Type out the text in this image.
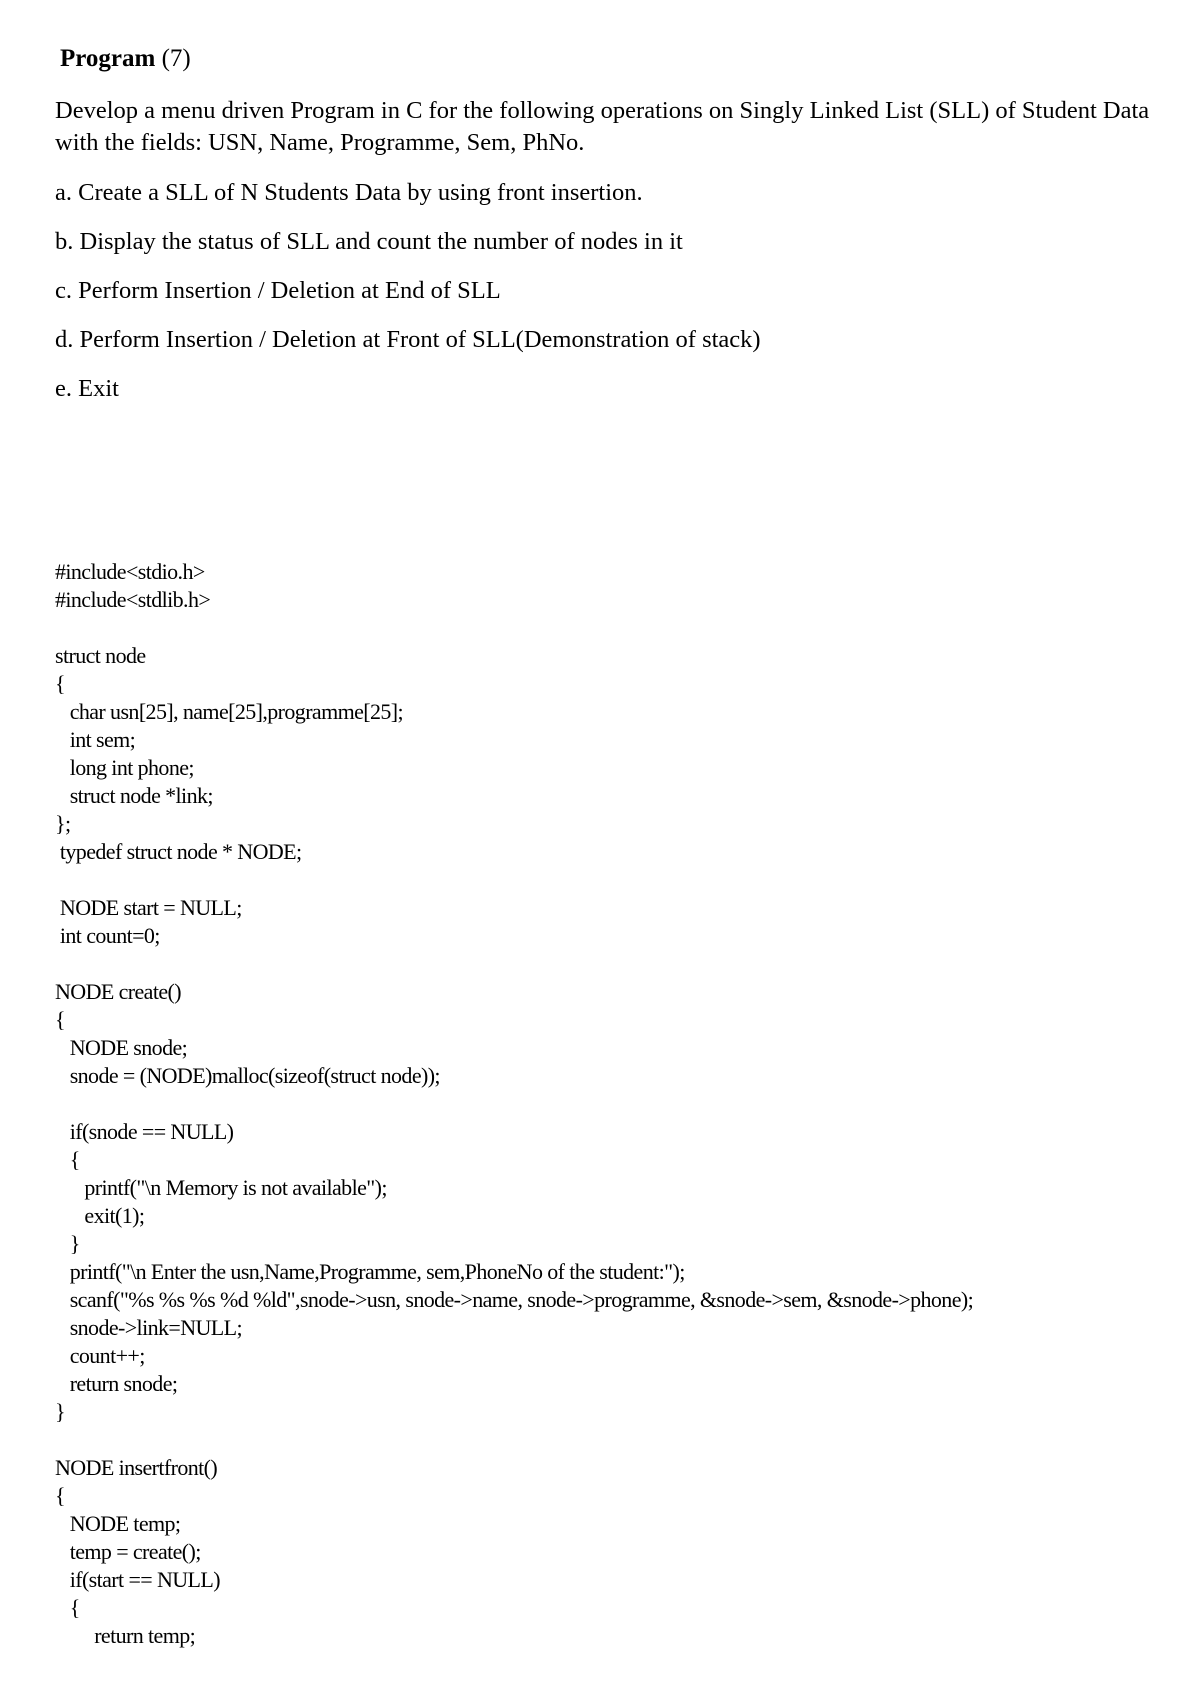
Program (7)

Develop a menu driven Program in C for the following operations on Singly Linked List (SLL) of Student Data with the fields: USN, Name, Programme, Sem, PhNo.

a. Create a SLL of N Students Data by using front insertion.
b. Display the status of SLL and count the number of nodes in it
c. Perform Insertion / Deletion at End of SLL
d. Perform Insertion / Deletion at Front of SLL(Demonstration of stack)
e. Exit
#include<stdio.h>
#include<stdlib.h>
struct node
{
char usn[25], name[25],programme[25];
int sem;
long int phone;
struct node *link;
};
typedef struct node * NODE;
NODE start = NULL;
int count=0;
NODE create()
{
NODE snode;
snode = (NODE)malloc(sizeof(struct node));
if(snode == NULL)
{
printf("\n Memory is not available");
exit(1);
}
printf("\n Enter the usn,Name,Programme, sem,PhoneNo of the student:");
scanf("%s %s %s %d %ld",snode->usn, snode->name, snode->programme, &snode->sem, &snode->phone);
snode->link=NULL;
count++;
return snode;
}
NODE insertfront()
{
NODE temp;
temp = create();
if(start == NULL)
{
return temp;
